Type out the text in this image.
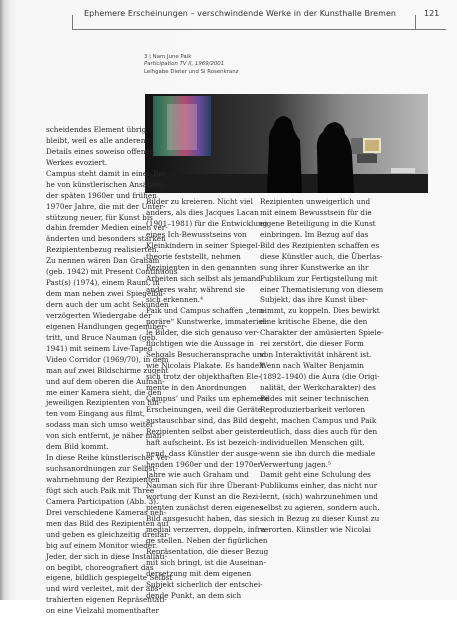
Ephemere Erscheinungen – verschwindende Werke in der Kunsthalle Bremen	121
3 | Nam June Paik
Participation TV II, 1969/2001
Leihgabe Dieter und Si Rosenkranz
scheidendes Element übrig
bleibt, weil es alle anderen
Details eines soweiso offenen
Werkes evoziert.
Campus steht damit in einer Rei-
he von künstlerischen Ansätzen
der späten 1960er und frühen
1970er Jahre, die mit der Unter-
stützung neuer, für Kunst bis
dahin fremder Medien einen ver-
änderten und besonders starken
Rezipientenbezug realisierten.
Zu nennen wären Dan Graham
(geb. 1942) mit Present Continuous
Past(s) (1974), einem Raum, in
dem man neben zwei Spiegelbil-
dern auch der um acht Sekunden
verzögerten Wiedergabe der
eigenen Handlungen gegenüber-
tritt, und Bruce Nauman (geb.
1941) mit seinem Live-Taped
Video Corridor (1969/70), in dem
man auf zwei Bildschirme zugeht
und auf dem oberen die Aufnah-
me einer Kamera sieht, die den
jeweiligen Rezipienten von hin-
ten vom Eingang aus filmt,
sodass man sich umso weiter
von sich entfernt, je näher man
dem Bild kommt.
In diese Reihe künstlerischer Ver-
suchsanordnungen zur Selbst-
wahrnehmung der Rezipienten
fügt sich auch Paik mit Three
Camera Participation (Abb. 3).
Drei verschiedene Kameras neh-
men das Bild des Rezipienten auf
und geben es gleichzeitig dreifar-
big auf einem Monitor wieder.
Jeder, der sich in diese Installati-
on begibt, choreografiert das
eigene, bildlich gespiegelte Selbst
und wird verleitet, mit der abs-
trahierten eigenen Repräsentati-
on eine Vielzahl momenthafter
Bilder zu kreieren. Nicht viel
anders, als dies Jacques Lacan
(1901–1981) für die Entwicklung
eines Ich-Bewusstseins von
Kleinkindern in seiner Spiegel-
theorie feststellt, nehmen
Rezipienten in den genannten
Arbeiten sich selbst als jemand
anderes wahr, während sie
sich erkennen.⁴
Paik und Campus schaffen „tem-
poräre“ Kunstwerke, immateriel-
le Bilder, die sich genauso ver-
flüchtigen wie die Aussage in
Sehgals Besucheransprache und
wie Nicolais Plakate. Es handelt
sich trotz der objekthaften Ele-
mente in den Anordnungen
Campus’ und Paiks um ephemere
Erscheinungen, weil die Geräte
austauschbar sind, das Bild des
Rezipienten selbst aber geister-
haft aufscheint. Es ist bezeich-
nend, dass Künstler der ausge-
henden 1960er und der 1970er
Jahre wie auch Graham und
Nauman sich für ihre Überant-
wortung der Kunst an die Rezi-
pienten zunächst deren eigenes
Bild ausgesucht haben, das sie
medial verzerren, doppeln, infra-
ge stellen. Neben der figürlichen
Repräsentation, die dieser Bezug
mit sich bringt, ist die Auseinan-
dersetzung mit dem eigenen
Subjekt sicherlich der entschei-
dende Punkt, an dem sich
Rezipienten unweigerlich und
mit einem Bewusstsein für die
eigene Beteiligung in die Kunst
einbringen. Im Bezug auf das
Bild des Rezipienten schaffen es
diese Künstler auch, die Überlas-
sung ihrer Kunstwerke an ihr
Publikum zur Fertigstellung mit
einer Thematisierung von diesem
Subjekt, das ihre Kunst über-
nimmt, zu koppeln. Dies bewirkt
eine kritische Ebene, die den
Charakter der amüsierten Spiele-
rei zerstört, die dieser Form
von Interaktivität inhärent ist.
Wenn nach Walter Benjamin
(1892–1940) die Aura (die Origi-
nalität, der Werkcharakter) des
Bildes mit seiner technischen
Reproduzierbarkeit verloren
geht, machen Campus und Paik
deutlich, dass dies auch für den
individuellen Menschen gilt,
wenn sie ihn durch die mediale
Verwertung jagen.⁵
Damit geht eine Schulung des
Publikums einher, das nicht nur
lernt, (sich) wahrzunehmen und
selbst zu agieren, sondern auch,
sich in Bezug zu dieser Kunst zu
verorten. Künstler wie Nicolai
